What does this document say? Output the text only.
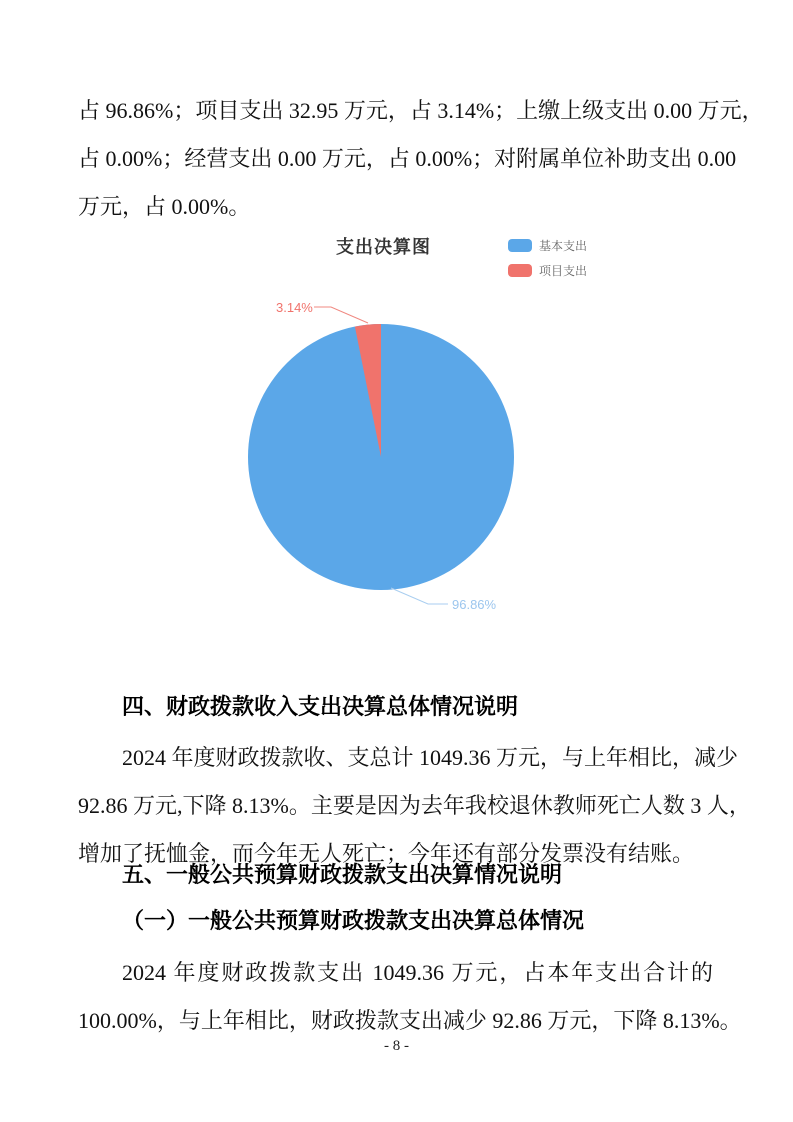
占 96.86%；项目支出 32.95 万元，占 3.14%；上缴上级支出 0.00 万元，
占 0.00%；经营支出 0.00 万元，占 0.00%；对附属单位补助支出 0.00
万元，占 0.00%。
支出决算图	基本支出
项目支出
3.14%
96.86%
四、财政拨款收入支出决算总体情况说明
2024 年度财政拨款收、支总计 1049.36 万元，与上年相比，减少
92.86 万元,下降 8.13%。主要是因为去年我校退休教师死亡人数 3 人，
增加了抚恤金，而今年无人死亡；今年还有部分发票没有结账。
五、一般公共预算财政拨款支出决算情况说明
（一）一般公共预算财政拨款支出决算总体情况
2024 年度财政拨款支出 1049.36 万元，占本年支出合计的
100.00%，与上年相比，财政拨款支出减少 92.86 万元，下降 8.13%。
- 8 -
